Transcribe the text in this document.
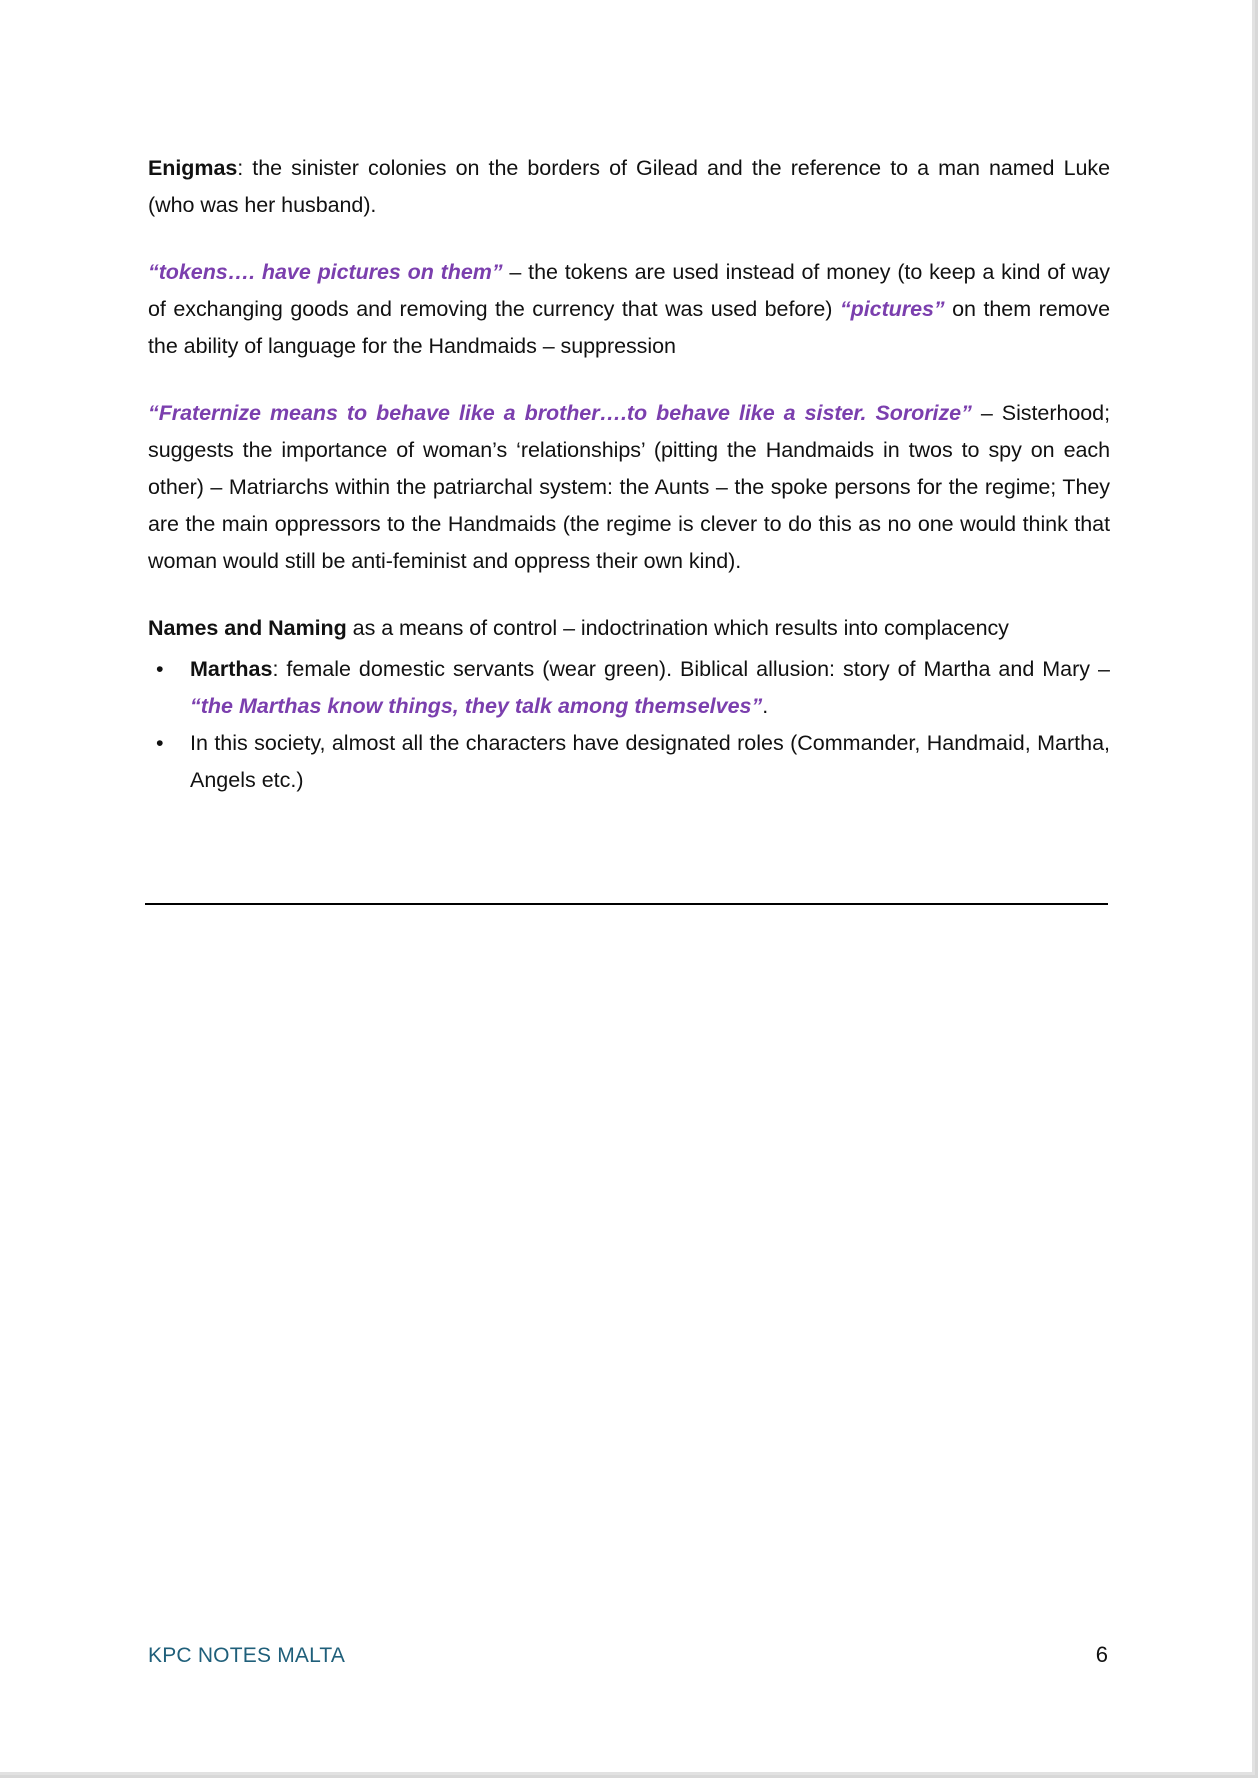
Enigmas: the sinister colonies on the borders of Gilead and the reference to a man named Luke (who was her husband).

“tokens…. have pictures on them” – the tokens are used instead of money (to keep a kind of way of exchanging goods and removing the currency that was used before) “pictures” on them remove the ability of language for the Handmaids – suppression

“Fraternize means to behave like a brother….to behave like a sister. Sororize” – Sisterhood; suggests the importance of woman’s ‘relationships’ (pitting the Handmaids in twos to spy on each other) – Matriarchs within the patriarchal system: the Aunts – the spoke persons for the regime; They are the main oppressors to the Handmaids (the regime is clever to do this as no one would think that woman would still be anti-feminist and oppress their own kind).

Names and Naming as a means of control – indoctrination which results into complacency

• Marthas: female domestic servants (wear green). Biblical allusion: story of Martha and Mary – “the Marthas know things, they talk among themselves”.
• In this society, almost all the characters have designated roles (Commander, Handmaid, Martha, Angels etc.)
KPC NOTES MALTA	6
